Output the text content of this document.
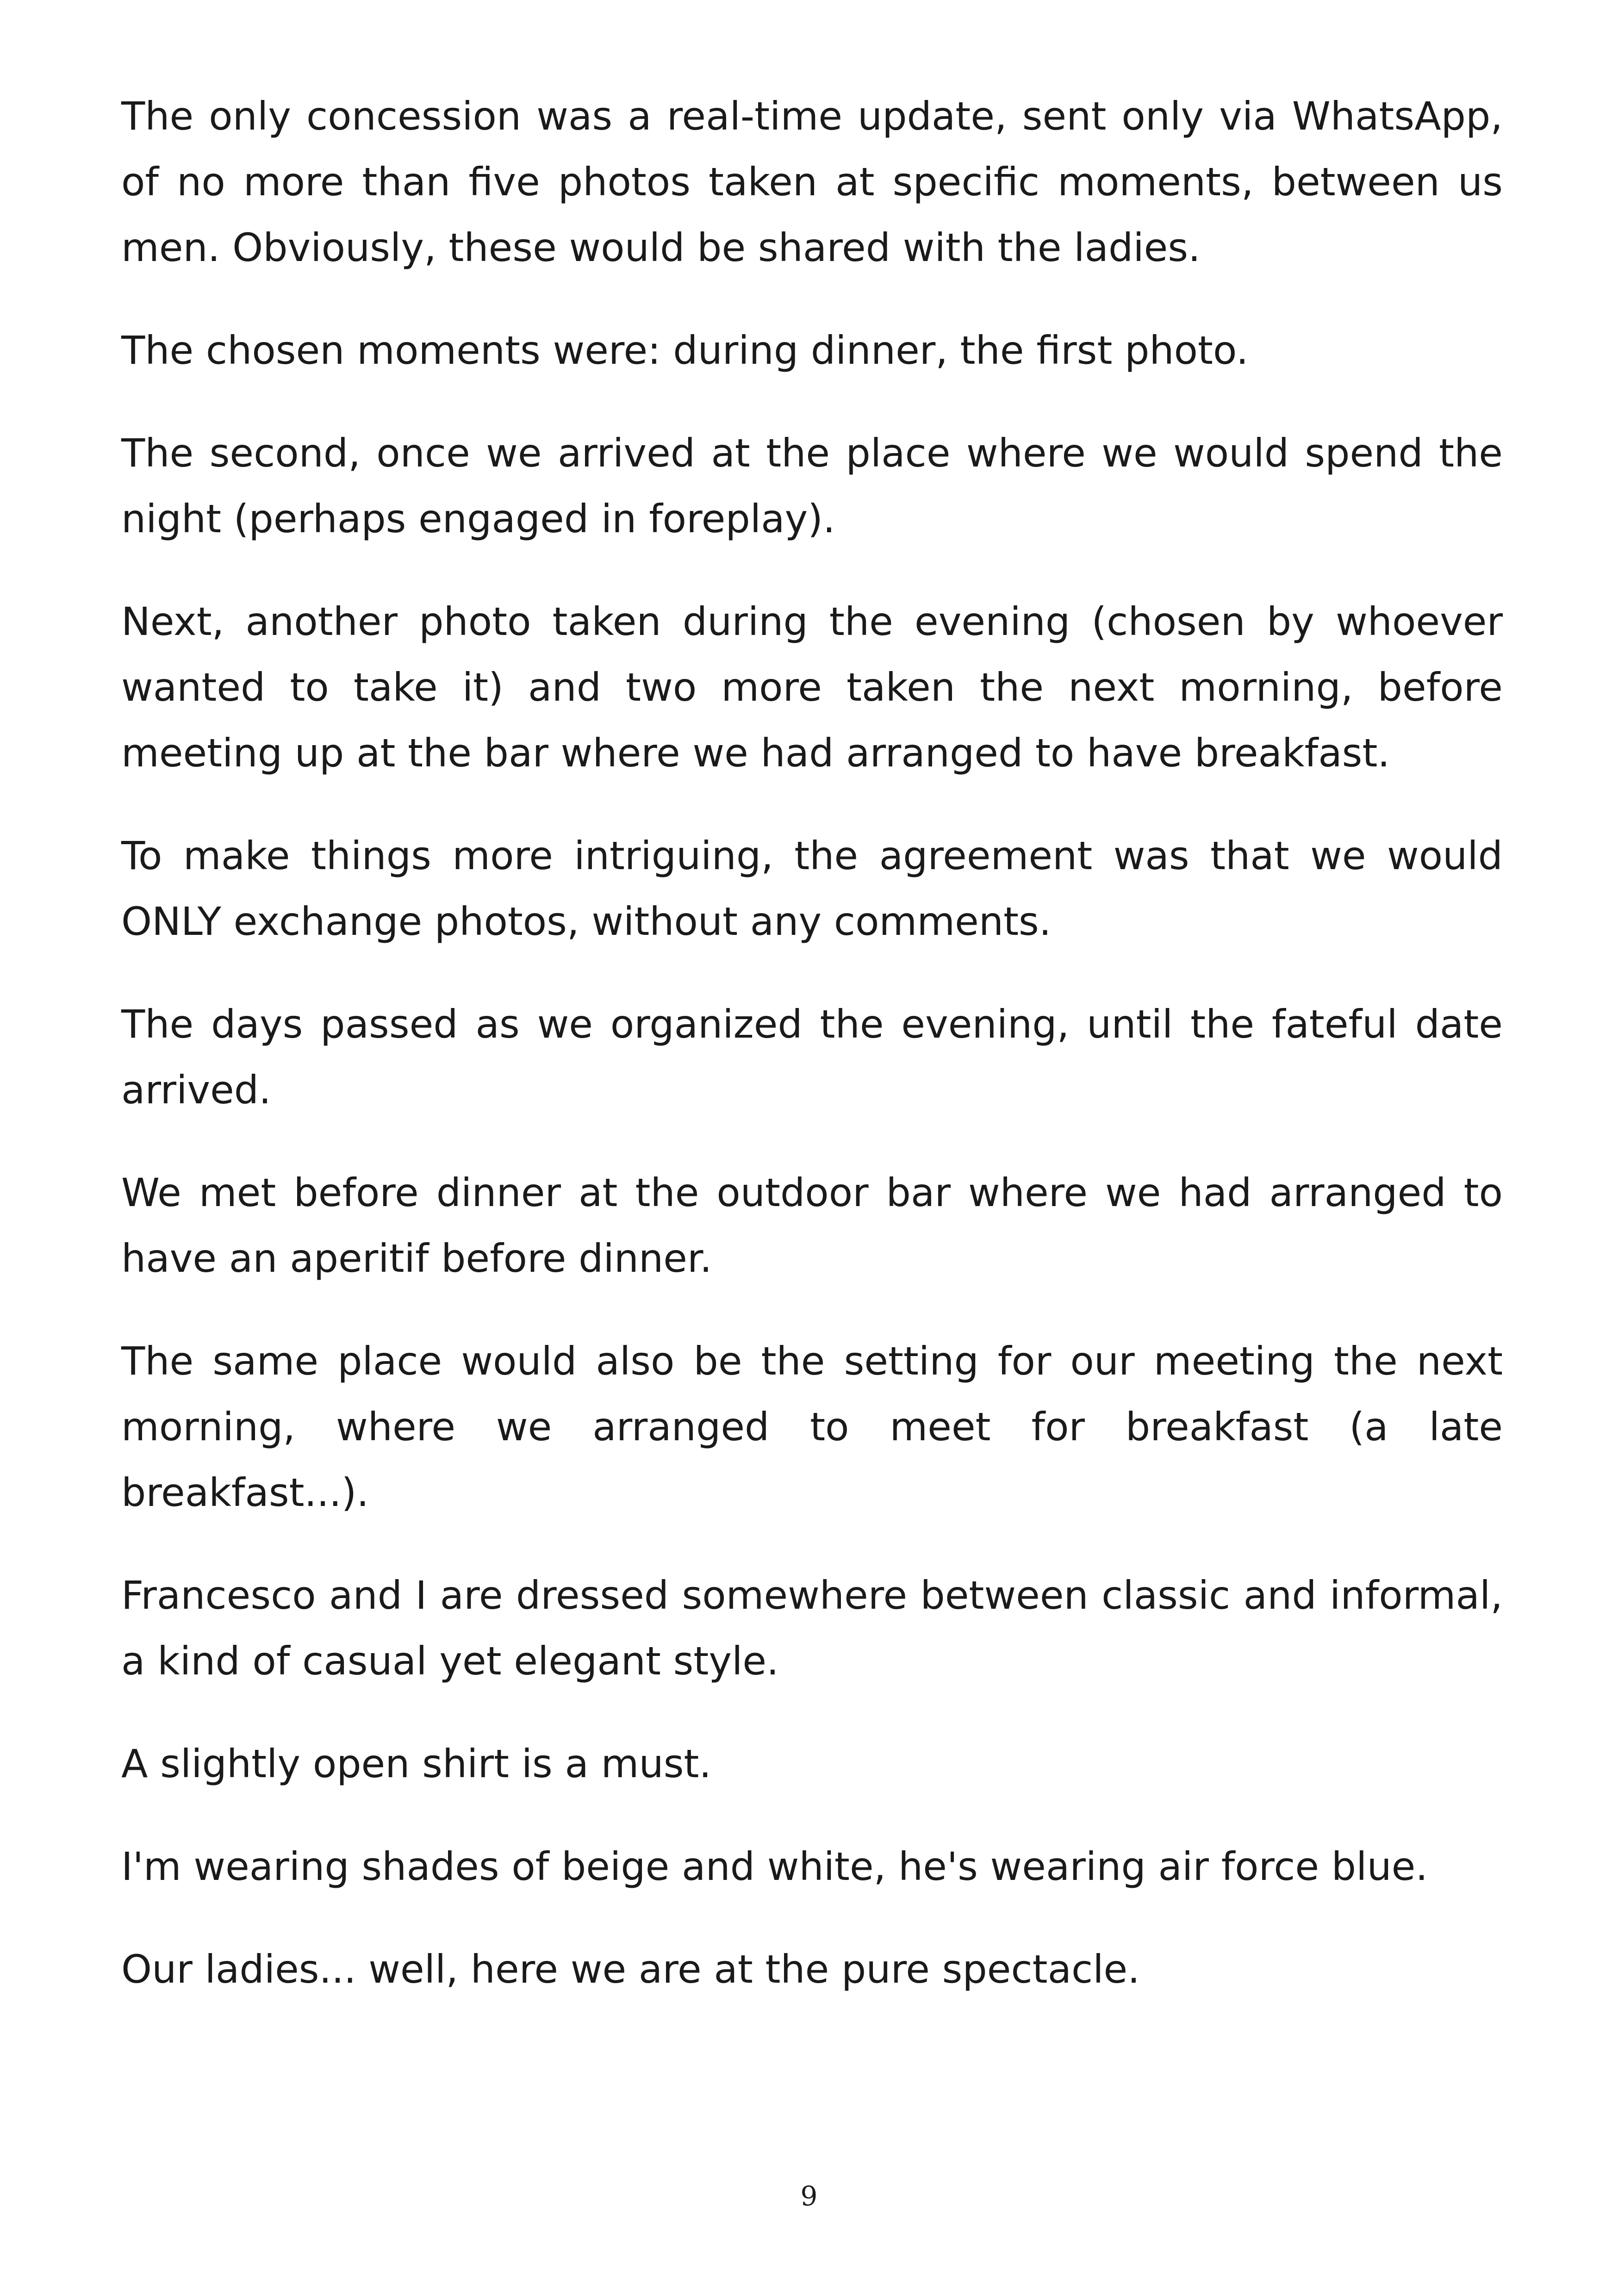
The only concession was a real-time update, sent only via WhatsApp, of no more than five photos taken at specific moments, between us men. Obviously, these would be shared with the ladies.

The chosen moments were: during dinner, the first photo.

The second, once we arrived at the place where we would spend the night (perhaps engaged in foreplay).

Next, another photo taken during the evening (chosen by whoever wanted to take it) and two more taken the next morning, before meeting up at the bar where we had arranged to have breakfast.

To make things more intriguing, the agreement was that we would ONLY exchange photos, without any comments.

The days passed as we organized the evening, until the fateful date arrived.

We met before dinner at the outdoor bar where we had arranged to have an aperitif before dinner.

The same place would also be the setting for our meeting the next morning, where we arranged to meet for breakfast (a late breakfast...).

Francesco and I are dressed somewhere between classic and informal, a kind of casual yet elegant style.

A slightly open shirt is a must.

I'm wearing shades of beige and white, he's wearing air force blue.

Our ladies... well, here we are at the pure spectacle.

9
